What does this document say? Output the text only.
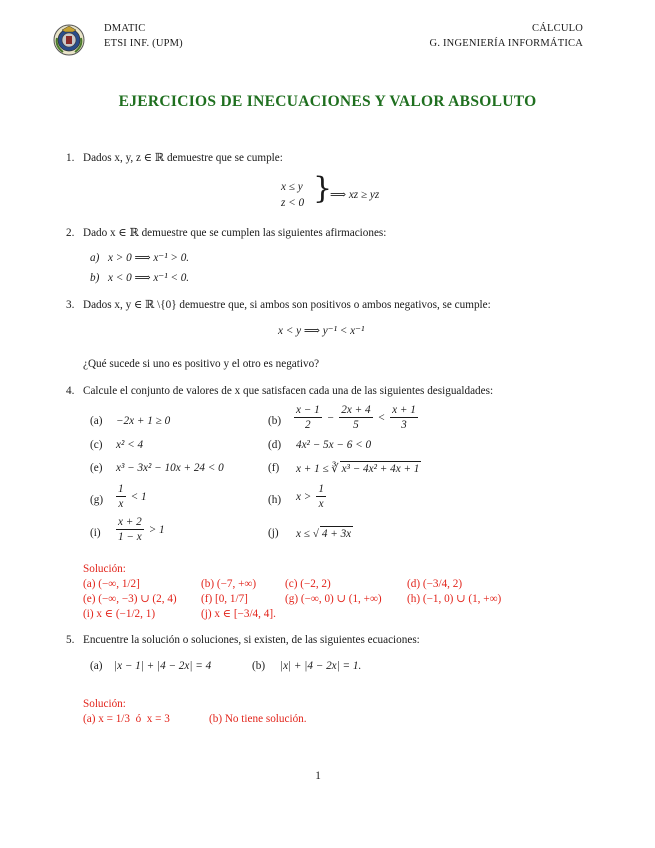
DMATIC
ETSI INF. (UPM)
CÁLCULO
G. INGENIERÍA INFORMÁTICA
EJERCICIOS DE INECUACIONES Y VALOR ABSOLUTO
1. Dados x, y, z ∈ ℝ demuestre que se cumple:
x ≤ y
z < 0 }
⟹ xz ≥ yz
2. Dado x ∈ ℝ demuestre que se cumplen las siguientes afirmaciones:
a) x > 0 ⟹ x⁻¹ > 0.
b) x < 0 ⟹ x⁻¹ < 0.
3. Dados x, y ∈ ℝ \{0} demuestre que, si ambos son positivos o ambos negativos, se cumple:
x < y ⟹ y⁻¹ < x⁻¹
¿Qué sucede si uno es positivo y el otro es negativo?
4. Calcule el conjunto de valores de x que satisfacen cada una de las siguientes desigualdades:
(a) −2x + 1 ≥ 0	$(b) \frac{x - 1}{2} - \frac{2x + 4}{5} < \frac{x + 1}{3}$
(c) x² < 4	(d) 4x² − 5x − 6 < 0
(e) x³ − 3x² − 10x + 24 < 0	(f) x + 1 ≤ ∛ x³ − 4x² + 4x + 1
$(g) \frac{1}{x} < 1$	(h) $x > \frac{1}{x}$
$(i) \frac{x + 2}{1 - x} > 1$	(j) x ≤ √ 4 + 3x
Solución:
(a) (−∞, 1/2]	(b) (−7, +∞)	(c) (−2, 2)	(d) (−3/4, 2)
(e) (−∞, −3) ∪ (2, 4) (f) [0, 1/7]	(g) (−∞, 0) ∪ (1, +∞) (h) (−1, 0) ∪ (1, +∞)
(i) x ∈ (−1/2, 1)	(j) x ∈ [−3/4, 4].
5. Encuentre la solución o soluciones, si existen, de las siguientes ecuaciones:
(a) |x − 1| + |4 − 2x| = 4	(b) |x| + |4 − 2x| = 1.
Solución:
(a) x = 1/3  ó  x = 3	(b) No tiene solución.
1
